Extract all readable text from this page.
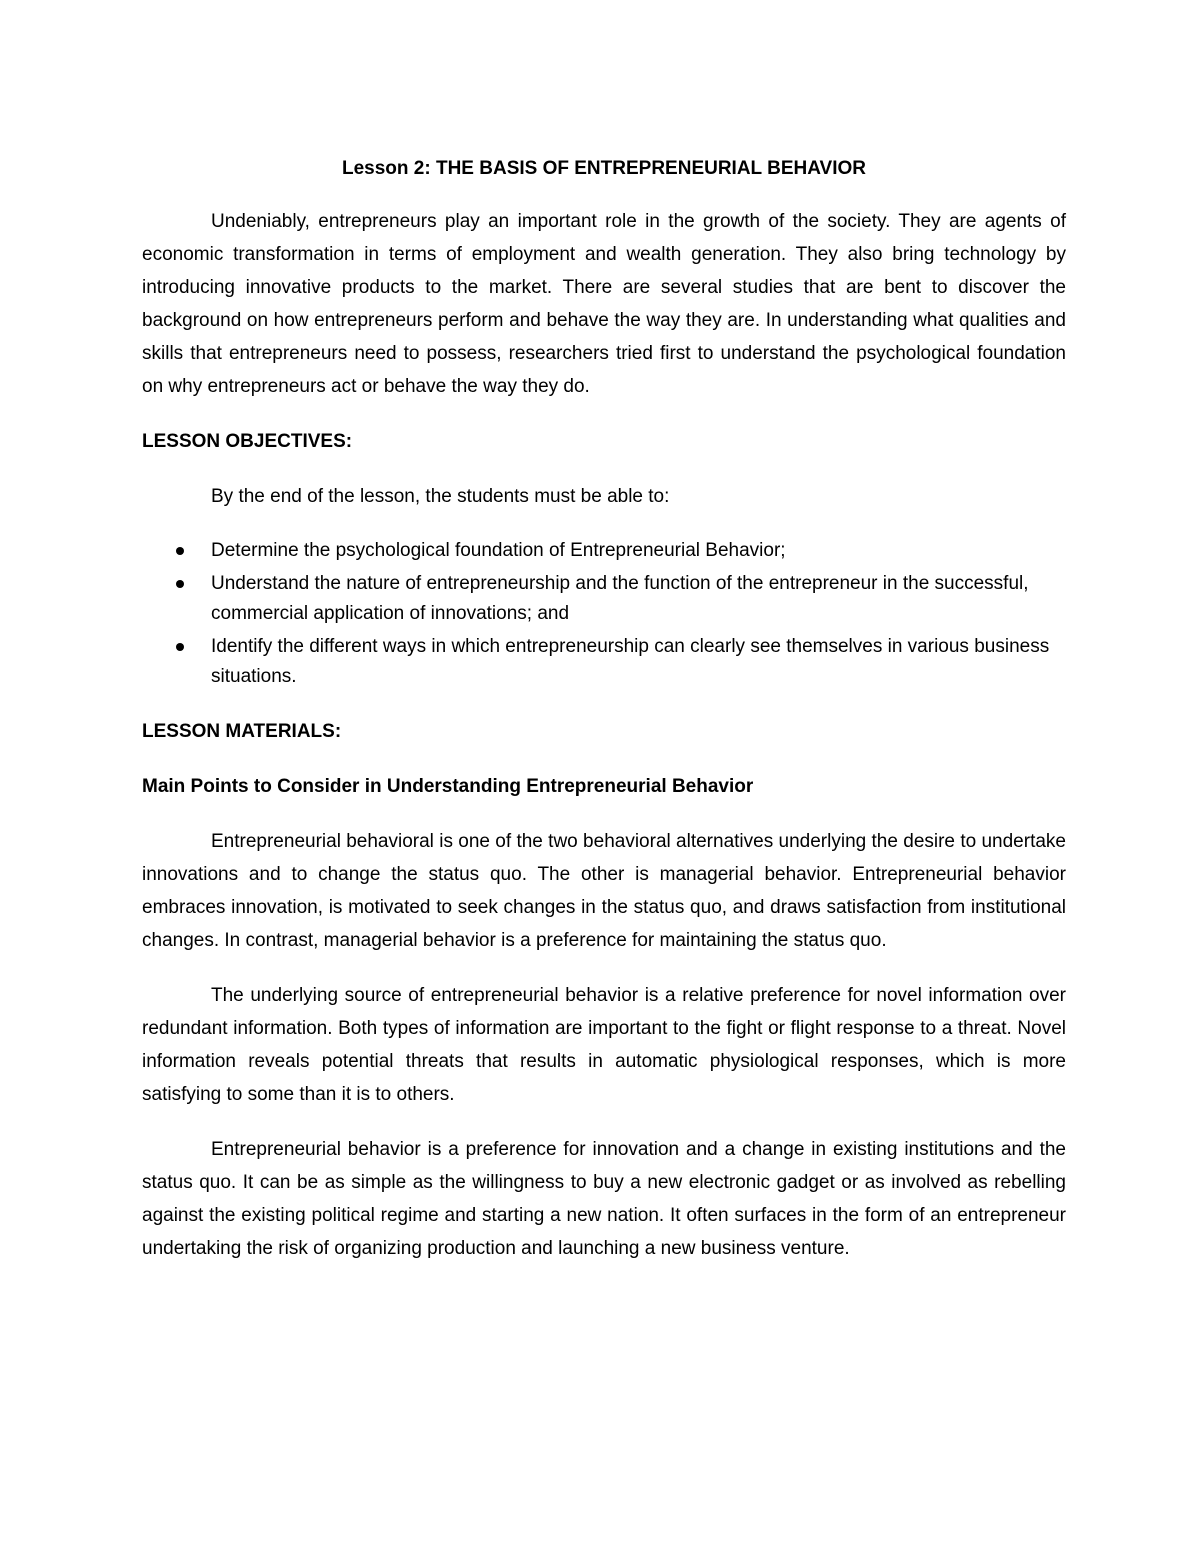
Lesson 2: THE BASIS OF ENTREPRENEURIAL BEHAVIOR

Undeniably, entrepreneurs play an important role in the growth of the society. They are agents of economic transformation in terms of employment and wealth generation. They also bring technology by introducing innovative products to the market. There are several studies that are bent to discover the background on how entrepreneurs perform and behave the way they are. In understanding what qualities and skills that entrepreneurs need to possess, researchers tried first to understand the psychological foundation on why entrepreneurs act or behave the way they do.

LESSON OBJECTIVES:

By the end of the lesson, the students must be able to:

Determine the psychological foundation of Entrepreneurial Behavior;
Understand the nature of entrepreneurship and the function of the entrepreneur in the successful, commercial application of innovations; and
Identify the different ways in which entrepreneurship can clearly see themselves in various business situations.

LESSON MATERIALS:

Main Points to Consider in Understanding Entrepreneurial Behavior

Entrepreneurial behavioral is one of the two behavioral alternatives underlying the desire to undertake innovations and to change the status quo. The other is managerial behavior. Entrepreneurial behavior embraces innovation, is motivated to seek changes in the status quo, and draws satisfaction from institutional changes. In contrast, managerial behavior is a preference for maintaining the status quo.

The underlying source of entrepreneurial behavior is a relative preference for novel information over redundant information. Both types of information are important to the fight or flight response to a threat. Novel information reveals potential threats that results in automatic physiological responses, which is more satisfying to some than it is to others.

Entrepreneurial behavior is a preference for innovation and a change in existing institutions and the status quo. It can be as simple as the willingness to buy a new electronic gadget or as involved as rebelling against the existing political regime and starting a new nation. It often surfaces in the form of an entrepreneur undertaking the risk of organizing production and launching a new business venture.
